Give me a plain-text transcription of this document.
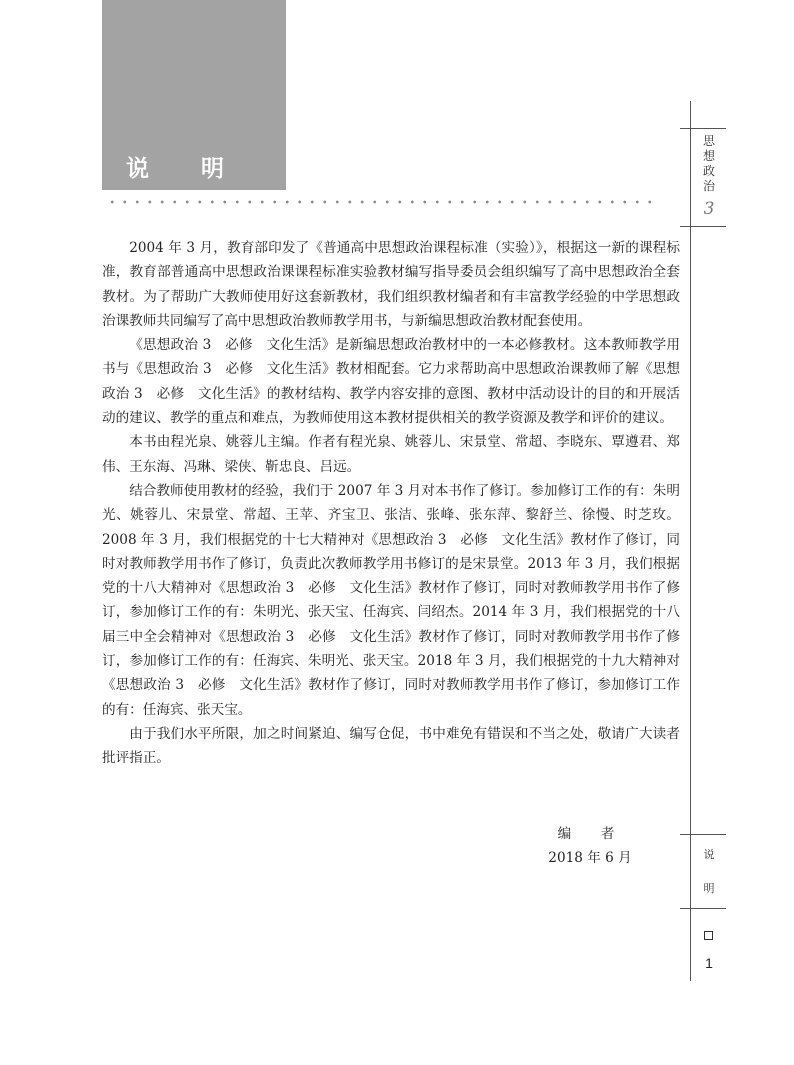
说 明

2004 年 3 月，教育部印发了《普通高中思想政治课程标准（实验）》，根据这一新的课程标准，教育部普通高中思想政治课课程标准实验教材编写指导委员会组织编写了高中思想政治全套教材。为了帮助广大教师使用好这套新教材，我们组织教材编者和有丰富教学经验的中学思想政治课教师共同编写了高中思想政治教师教学用书，与新编思想政治教材配套使用。

《思想政治 3　必修　文化生活》是新编思想政治教材中的一本必修教材。这本教师教学用书与《思想政治 3　必修　文化生活》教材相配套。它力求帮助高中思想政治课教师了解《思想政治 3　必修　文化生活》的教材结构、教学内容安排的意图、教材中活动设计的目的和开展活动的建议、教学的重点和难点，为教师使用这本教材提供相关的教学资源及教学和评价的建议。

本书由程光泉、姚蓉儿主编。作者有程光泉、姚蓉儿、宋景堂、常超、李晓东、覃遵君、郑伟、王东海、冯琳、梁侠、靳忠良、吕远。

结合教师使用教材的经验，我们于 2007 年 3 月对本书作了修订。参加修订工作的有：朱明光、姚蓉儿、宋景堂、常超、王苹、齐宝卫、张洁、张峰、张东萍、黎舒兰、徐慢、时芝玫。2008 年 3 月，我们根据党的十七大精神对《思想政治 3　必修　文化生活》教材作了修订，同时对教师教学用书作了修订，负责此次教师教学用书修订的是宋景堂。2013 年 3 月，我们根据党的十八大精神对《思想政治 3　必修　文化生活》教材作了修订，同时对教师教学用书作了修订，参加修订工作的有：朱明光、张天宝、任海宾、闫绍杰。2014 年 3 月，我们根据党的十八届三中全会精神对《思想政治 3　必修　文化生活》教材作了修订，同时对教师教学用书作了修订，参加修订工作的有：任海宾、朱明光、张天宝。2018 年 3 月，我们根据党的十九大精神对《思想政治 3　必修　文化生活》教材作了修订，同时对教师教学用书作了修订，参加修订工作的有：任海宾、张天宝。

由于我们水平所限，加之时间紧迫、编写仓促，书中难免有错误和不当之处，敬请广大读者批评指正。

编　者
2018 年 6 月
思
想
政
治
3
说
明
1
